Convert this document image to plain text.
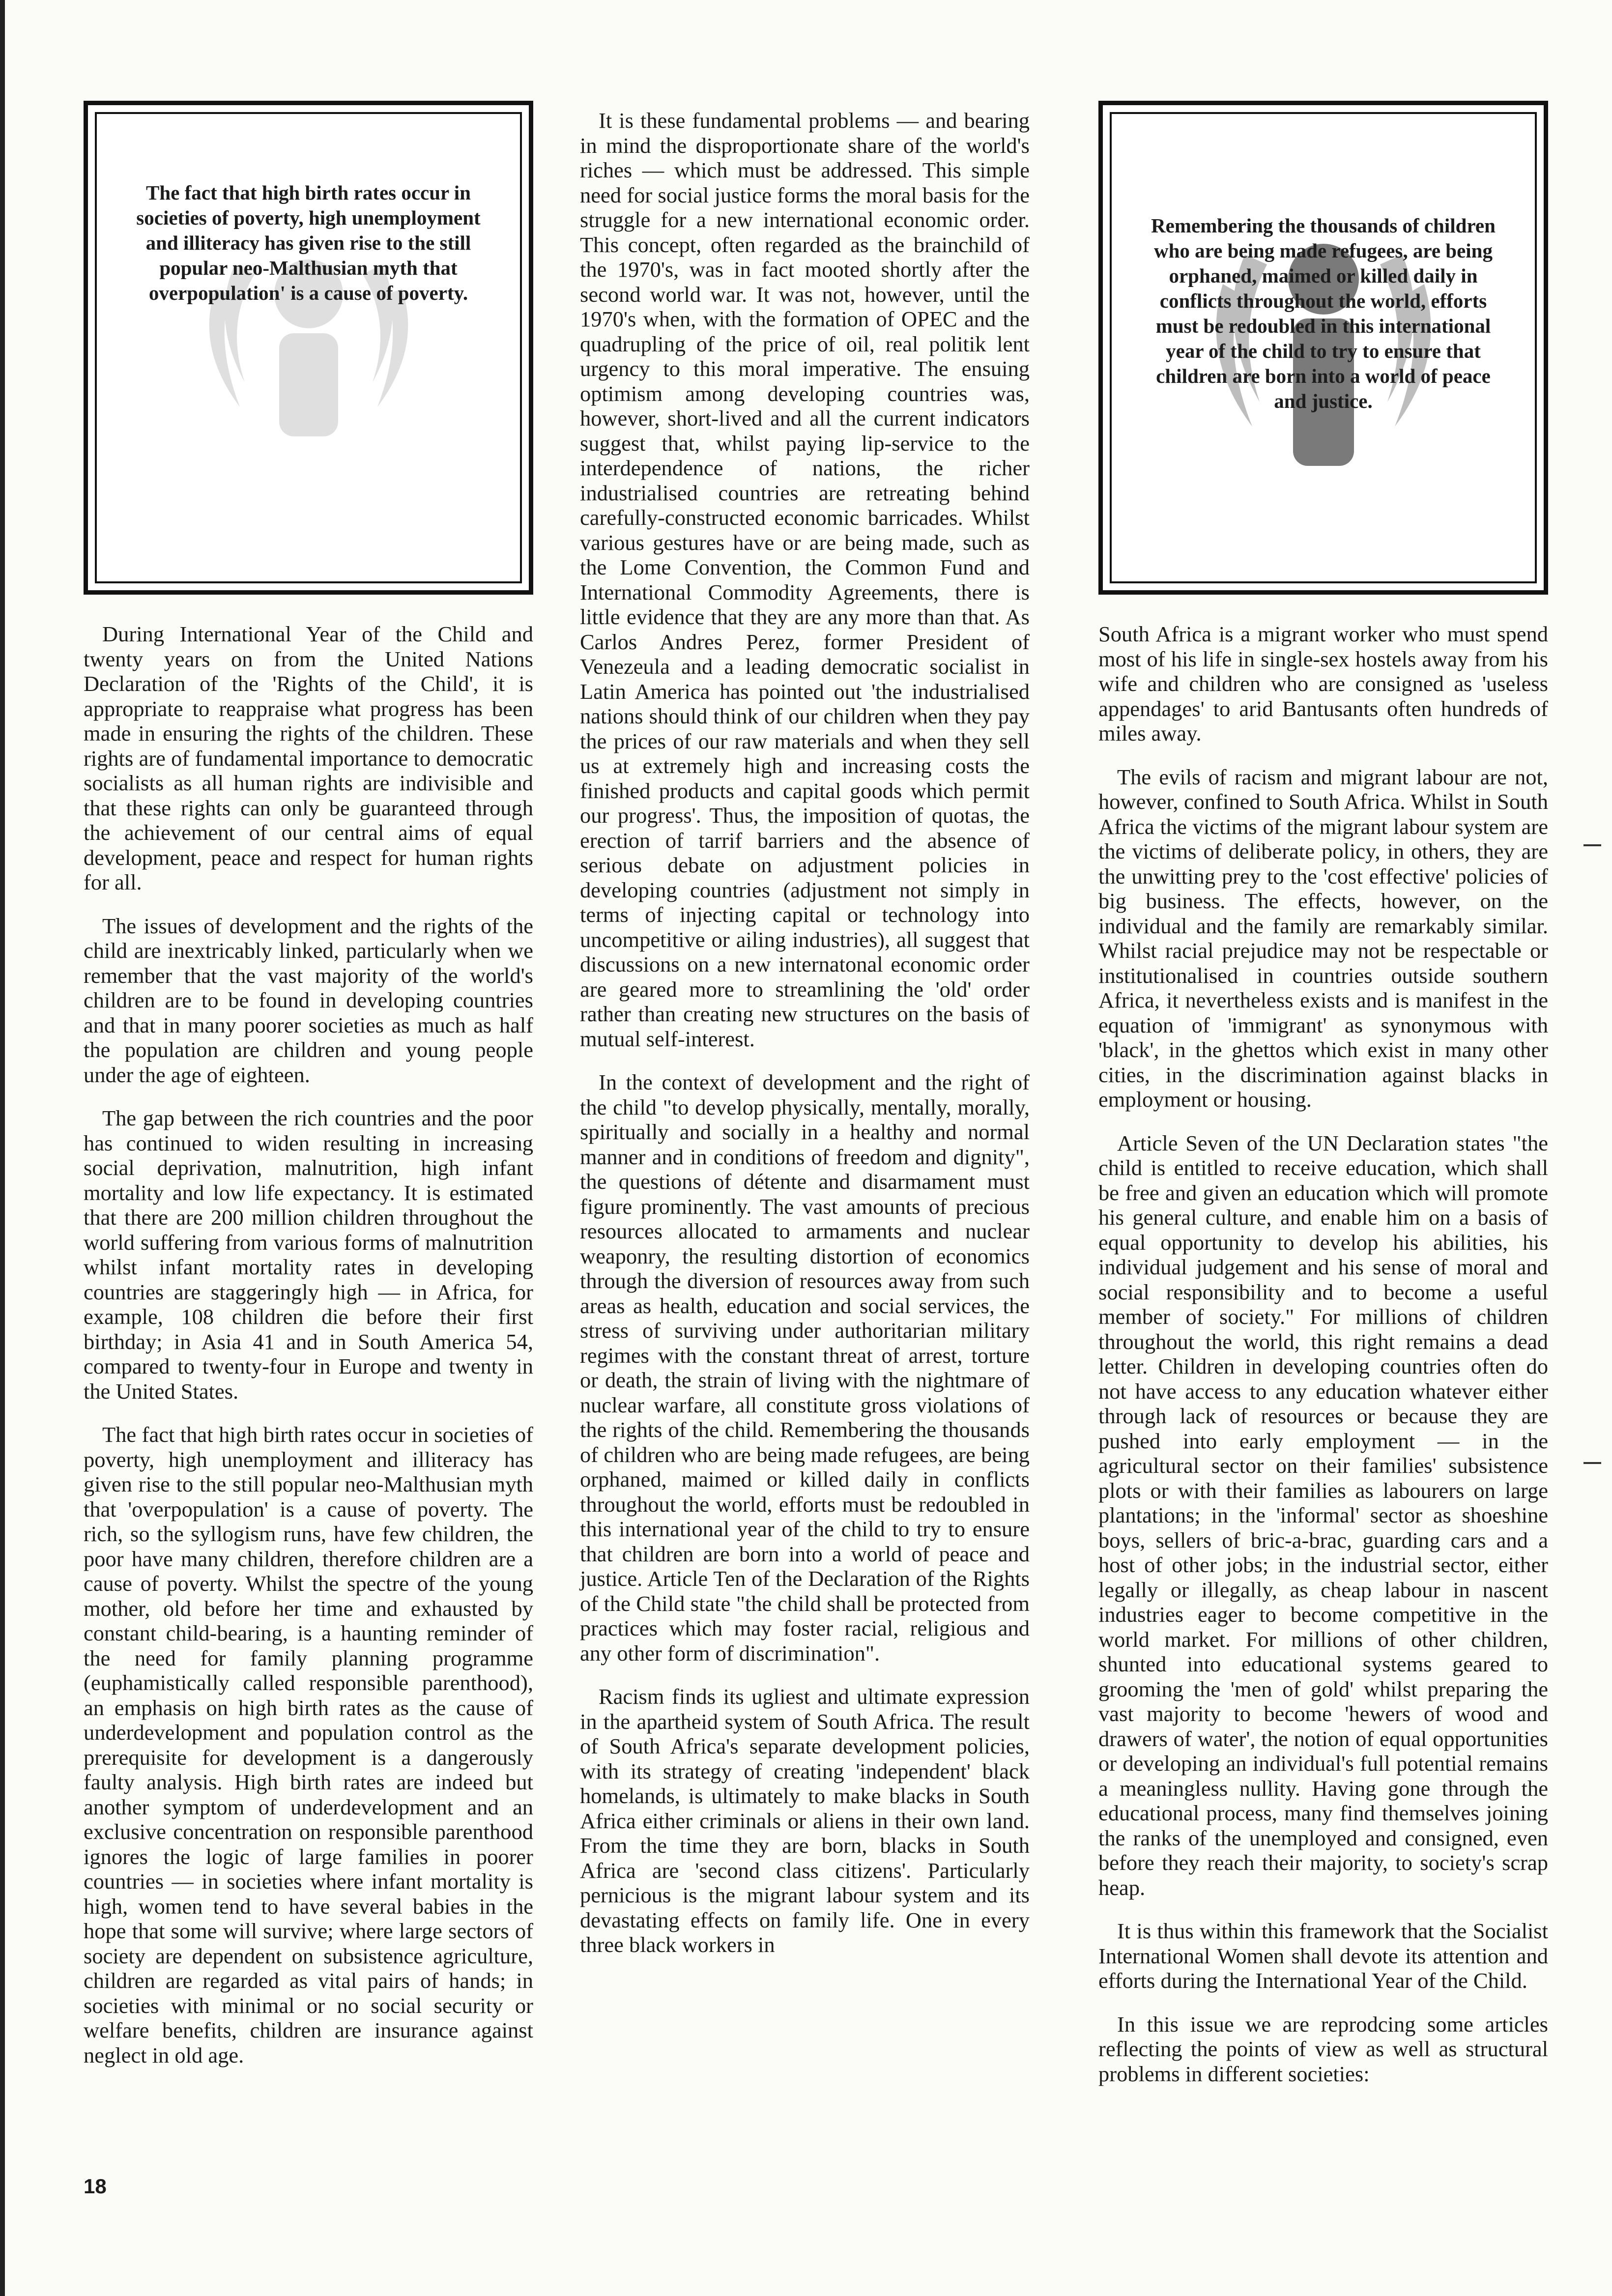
The fact that high birth rates occur in societies of poverty, high unemployment and illiteracy has given rise to the still popular neo-Malthusian myth that overpopulation' is a cause of poverty.

During International Year of the Child and twenty years on from the United Nations Declaration of the 'Rights of the Child', it is appropriate to reappraise what progress has been made in ensuring the rights of the children. These rights are of fundamental importance to democratic socialists as all human rights are indivisible and that these rights can only be guaranteed through the achievement of our central aims of equal development, peace and respect for human rights for all.

The issues of development and the rights of the child are inextricably linked, particularly when we remember that the vast majority of the world's children are to be found in developing countries and that in many poorer societies as much as half the population are children and young people under the age of eighteen.

The gap between the rich countries and the poor has continued to widen resulting in increasing social deprivation, malnutrition, high infant mortality and low life expectancy. It is estimated that there are 200 million children throughout the world suffering from various forms of malnutrition whilst infant mortality rates in developing countries are staggeringly high — in Africa, for example, 108 children die before their first birthday; in Asia 41 and in South America 54, compared to twenty-four in Europe and twenty in the United States.

The fact that high birth rates occur in societies of poverty, high unemployment and illiteracy has given rise to the still popular neo-Malthusian myth that 'overpopulation' is a cause of poverty. The rich, so the syllogism runs, have few children, the poor have many children, therefore children are a cause of poverty. Whilst the spectre of the young mother, old before her time and exhausted by constant child-bearing, is a haunting reminder of the need for family planning programme (euphamistically called responsible parenthood), an emphasis on high birth rates as the cause of underdevelopment and population control as the prerequisite for development is a dangerously faulty analysis. High birth rates are indeed but another symptom of underdevelopment and an exclusive concentration on responsible parenthood ignores the logic of large families in poorer countries — in societies where infant mortality is high, women tend to have several babies in the hope that some will survive; where large sectors of society are dependent on subsistence agriculture, children are regarded as vital pairs of hands; in societies with minimal or no social security or welfare benefits, children are insurance against neglect in old age.

It is these fundamental problems — and bearing in mind the disproportionate share of the world's riches — which must be addressed. This simple need for social justice forms the moral basis for the struggle for a new international economic order. This concept, often regarded as the brainchild of the 1970's, was in fact mooted shortly after the second world war. It was not, however, until the 1970's when, with the formation of OPEC and the quadrupling of the price of oil, real politik lent urgency to this moral imperative. The ensuing optimism among developing countries was, however, short-lived and all the current indicators suggest that, whilst paying lip-service to the interdependence of nations, the richer industrialised countries are retreating behind carefully-constructed economic barricades. Whilst various gestures have or are being made, such as the Lome Convention, the Common Fund and International Commodity Agreements, there is little evidence that they are any more than that. As Carlos Andres Perez, former President of Venezeula and a leading democratic socialist in Latin America has pointed out 'the industrialised nations should think of our children when they pay the prices of our raw materials and when they sell us at extremely high and increasing costs the finished products and capital goods which permit our progress'. Thus, the imposition of quotas, the erection of tarrif barriers and the absence of serious debate on adjustment policies in developing countries (adjustment not simply in terms of injecting capital or technology into uncompetitive or ailing industries), all suggest that discussions on a new internatonal economic order are geared more to streamlining the 'old' order rather than creating new structures on the basis of mutual self-interest.

In the context of development and the right of the child "to develop physically, mentally, morally, spiritually and socially in a healthy and normal manner and in conditions of freedom and dignity", the questions of détente and disarmament must figure prominently. The vast amounts of precious resources allocated to armaments and nuclear weaponry, the resulting distortion of economics through the diversion of resources away from such areas as health, education and social services, the stress of surviving under authoritarian military regimes with the constant threat of arrest, torture or death, the strain of living with the nightmare of nuclear warfare, all constitute gross violations of the rights of the child. Remembering the thousands of children who are being made refugees, are being orphaned, maimed or killed daily in conflicts throughout the world, efforts must be redoubled in this international year of the child to try to ensure that children are born into a world of peace and justice. Article Ten of the Declaration of the Rights of the Child state "the child shall be protected from practices which may foster racial, religious and any other form of discrimination".

Racism finds its ugliest and ultimate expression in the apartheid system of South Africa. The result of South Africa's separate development policies, with its strategy of creating 'independent' black homelands, is ultimately to make blacks in South Africa either criminals or aliens in their own land. From the time they are born, blacks in South Africa are 'second class citizens'. Particularly pernicious is the migrant labour system and its devastating effects on family life. One in every three black workers in

Remembering the thousands of children who are being made refugees, are being orphaned, maimed or killed daily in conflicts throughout the world, efforts must be redoubled in this international year of the child to try to ensure that children are born into a world of peace and justice.

South Africa is a migrant worker who must spend most of his life in single-sex hostels away from his wife and children who are consigned as 'useless appendages' to arid Bantusants often hundreds of miles away.

The evils of racism and migrant labour are not, however, confined to South Africa. Whilst in South Africa the victims of the migrant labour system are the victims of deliberate policy, in others, they are the unwitting prey to the 'cost effective' policies of big business. The effects, however, on the individual and the family are remarkably similar. Whilst racial prejudice may not be respectable or institutionalised in countries outside southern Africa, it nevertheless exists and is manifest in the equation of 'immigrant' as synonymous with 'black', in the ghettos which exist in many other cities, in the discrimination against blacks in employment or housing.

Article Seven of the UN Declaration states "the child is entitled to receive education, which shall be free and given an education which will promote his general culture, and enable him on a basis of equal opportunity to develop his abilities, his individual judgement and his sense of moral and social responsibility and to become a useful member of society." For millions of children throughout the world, this right remains a dead letter. Children in developing countries often do not have access to any education whatever either through lack of resources or because they are pushed into early employment — in the agricultural sector on their families' subsistence plots or with their families as labourers on large plantations; in the 'informal' sector as shoeshine boys, sellers of bric-a-brac, guarding cars and a host of other jobs; in the industrial sector, either legally or illegally, as cheap labour in nascent industries eager to become competitive in the world market. For millions of other children, shunted into educational systems geared to grooming the 'men of gold' whilst preparing the vast majority to become 'hewers of wood and drawers of water', the notion of equal opportunities or developing an individual's full potential remains a meaningless nullity. Having gone through the educational process, many find themselves joining the ranks of the unemployed and consigned, even before they reach their majority, to society's scrap heap.

It is thus within this framework that the Socialist International Women shall devote its attention and efforts during the International Year of the Child.

In this issue we are reprodcing some articles reflecting the points of view as well as structural problems in different societies:

18
